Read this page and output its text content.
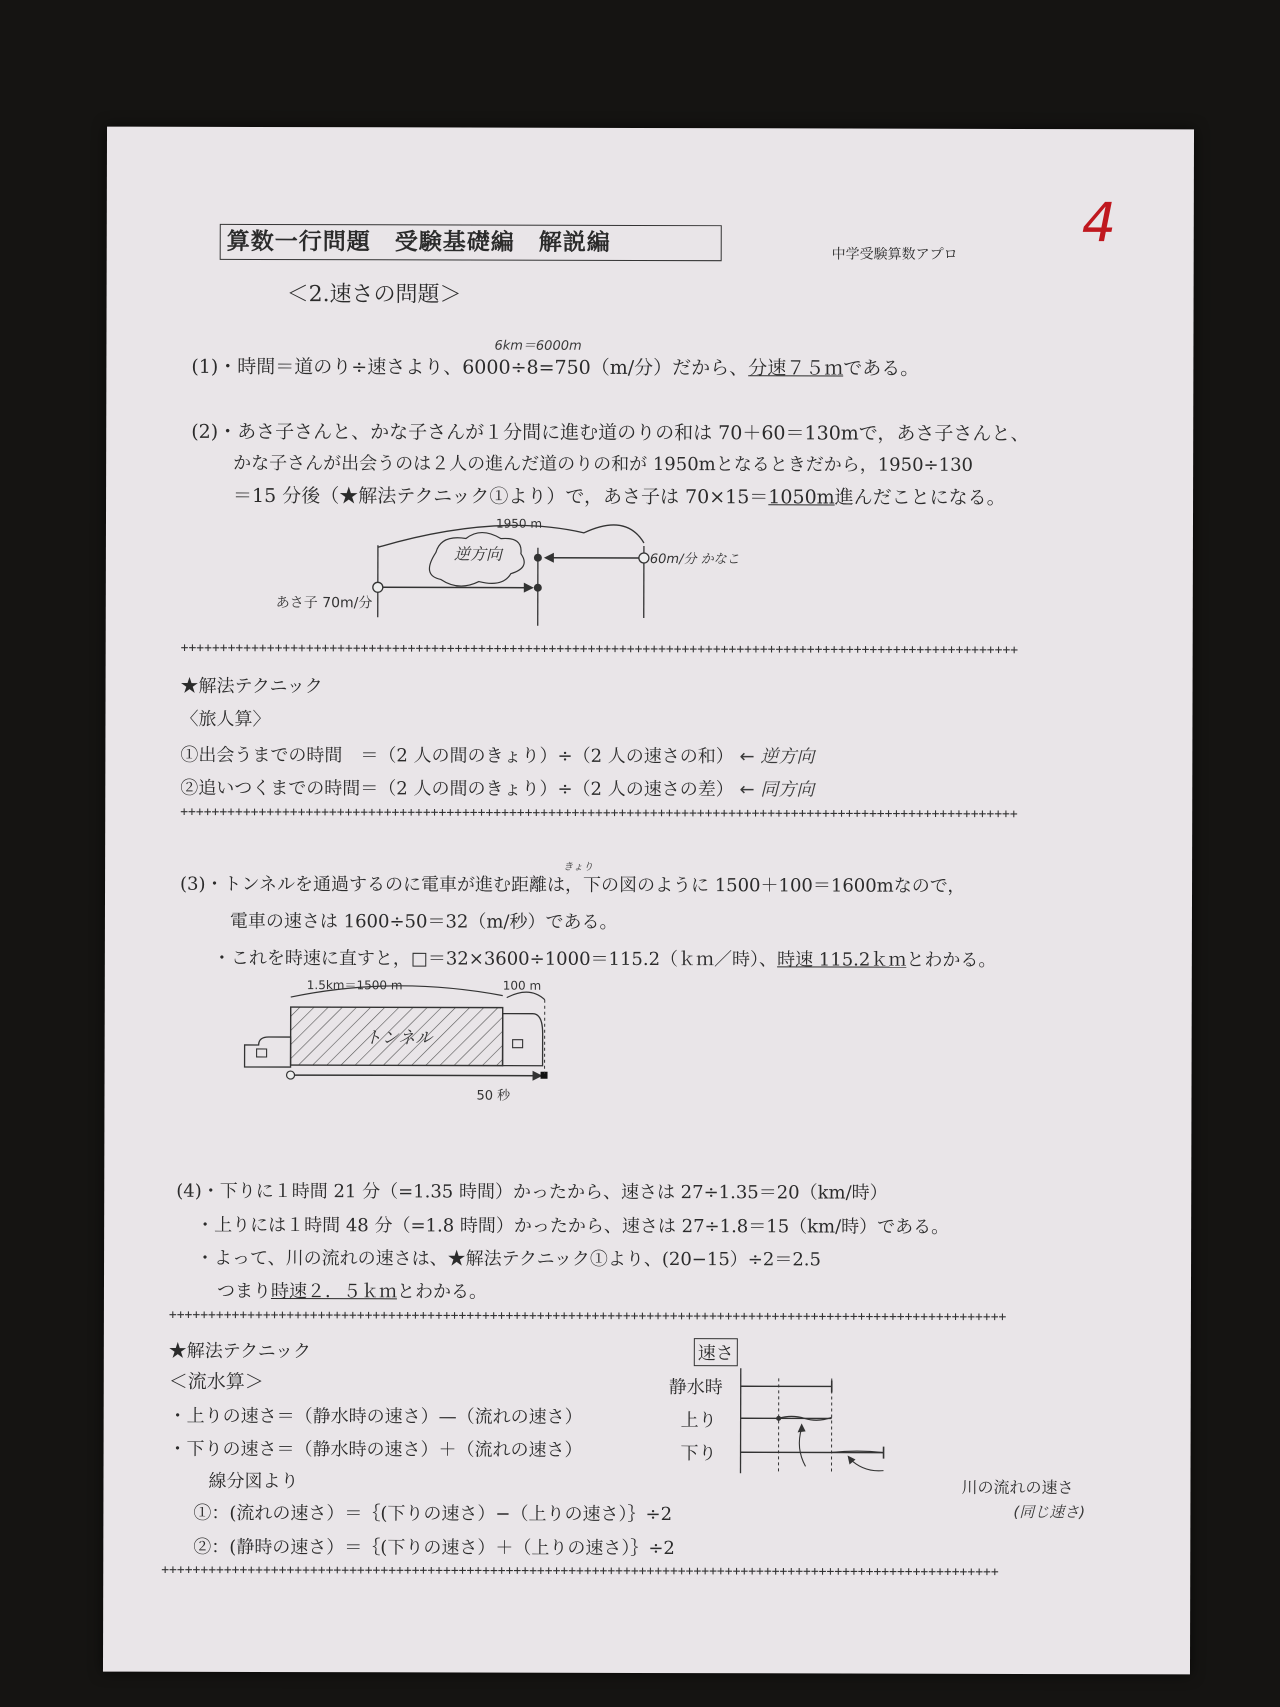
算数一行問題　受験基礎編　解説編	中学受験算数アプロ
4
＜2.速さの問題＞
6km＝6000m
(1)・時間＝道のり÷速さより、6000÷8=750（m/分）だから、分速７５ｍである。
(2)・あさ子さんと、かな子さんが１分間に進む道のりの和は 70＋60＝130mで，あさ子さんと、
かな子さんが出会うのは２人の進んだ道のりの和が 1950mとなるときだから，1950÷130
＝15 分後（★解法テクニック①より）で，あさ子は 70×15＝1050m進んだことになる。
逆方向
1950 m
あさ子 70m/分
60m/分 かなこ
+++++++++++++++++++++++++++++++++++++++++++++++++++++++++++++++++++++++++++++++++++++++++++++++++++++++++++
★解法テクニック
〈旅人算〉
①出会うまでの時間　＝（2 人の間のきょり）÷（2 人の速さの和） ← 逆方向
②追いつくまでの時間＝（2 人の間のきょり）÷（2 人の速さの差） ← 同方向
+++++++++++++++++++++++++++++++++++++++++++++++++++++++++++++++++++++++++++++++++++++++++++++++++++++++++++
きょり
(3)・トンネルを通過するのに電車が進む距離は，下の図のように 1500＋100＝1600mなので，
電車の速さは 1600÷50＝32（m/秒）である。
・これを時速に直すと，□＝32×3600÷1000＝115.2（ｋｍ／時）、時速 115.2ｋｍとわかる。
1.5km＝1500 m	100 m
トンネル
50 秒
(4)・下りに１時間 21 分（=1.35 時間）かったから、速さは 27÷1.35＝20（km/時）
・上りには１時間 48 分（=1.8 時間）かったから、速さは 27÷1.8＝15（km/時）である。
・よって、川の流れの速さは、★解法テクニック①より、(20−15）÷2＝2.5
つまり時速２．５ｋｍとわかる。
+++++++++++++++++++++++++++++++++++++++++++++++++++++++++++++++++++++++++++++++++++++++++++++++++++++++++++
★解法テクニック
＜流水算＞
・上りの速さ＝（静水時の速さ）—（流れの速さ）
・下りの速さ＝（静水時の速さ）＋（流れの速さ）
線分図より
①：(流れの速さ）＝｛(下りの速さ）−（上りの速さ）｝÷2
②：(静時の速さ）＝｛(下りの速さ）＋（上りの速さ）｝÷2
速さ
静水時
上り
下り
川の流れの速さ
(同じ速さ)
+++++++++++++++++++++++++++++++++++++++++++++++++++++++++++++++++++++++++++++++++++++++++++++++++++++++++++
